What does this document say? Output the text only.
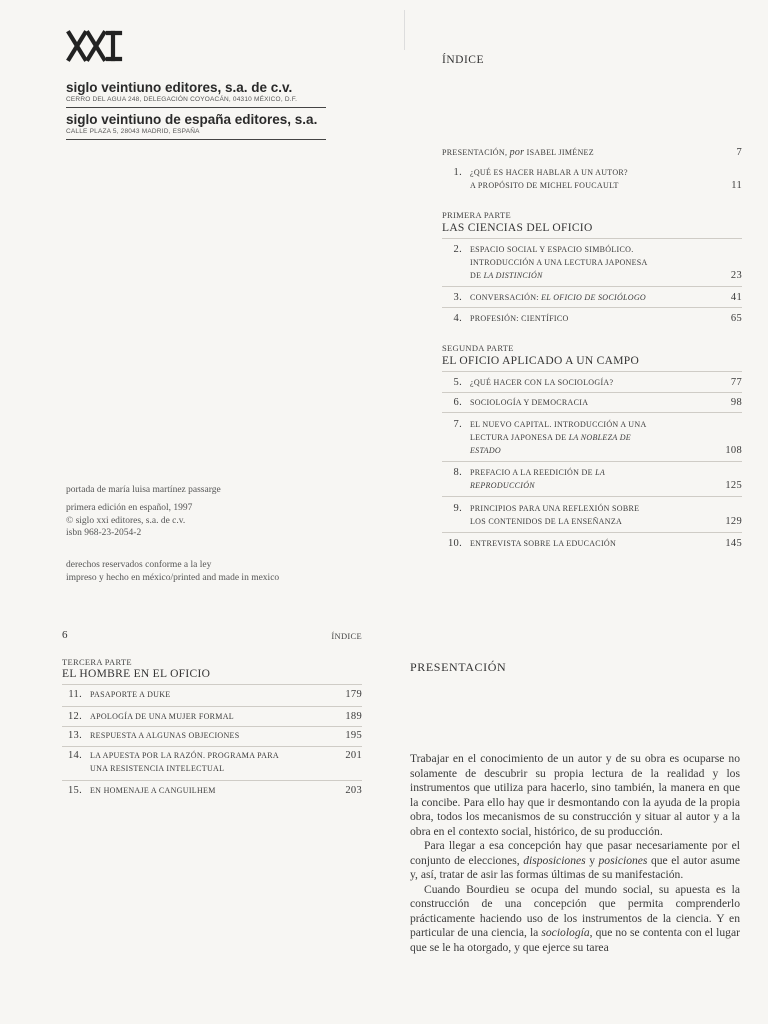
siglo veintiuno editores, s.a. de c.v.
CERRO DEL AGUA 248, DELEGACIÓN COYOACÁN, 04310 MÉXICO, D.F.
siglo veintiuno de españa editores, s.a.
CALLE PLAZA 5, 28043 MADRID, ESPAÑA
portada de maría luisa martínez passarge
primera edición en español, 1997
© siglo xxi editores, s.a. de c.v.
isbn 968-23-2054-2
derechos reservados conforme a la ley
impreso y hecho en méxico/printed and made in mexico
ÍNDICE
PRESENTACIÓN, por ISABEL JIMÉNEZ	7
1. ¿QUÉ ES HACER HABLAR A UN AUTOR?
A PROPÓSITO DE MICHEL FOUCAULT	11
PRIMERA PARTE
LAS CIENCIAS DEL OFICIO
2. ESPACIO SOCIAL Y ESPACIO SIMBÓLICO.
INTRODUCCIÓN A UNA LECTURA JAPONESA
DE LA DISTINCIÓN	23
3. CONVERSACIÓN: EL OFICIO DE SOCIÓLOGO	41
4. PROFESIÓN: CIENTÍFICO	65
SEGUNDA PARTE
EL OFICIO APLICADO A UN CAMPO
5. ¿QUÉ HACER CON LA SOCIOLOGÍA?	77
6. SOCIOLOGÍA Y DEMOCRACIA	98
7. EL NUEVO CAPITAL. INTRODUCCIÓN A UNA
LECTURA JAPONESA DE LA NOBLEZA DE
ESTADO	108
8. PREFACIO A LA REEDICIÓN DE LA
REPRODUCCIÓN	125
9. PRINCIPIOS PARA UNA REFLEXIÓN SOBRE
LOS CONTENIDOS DE LA ENSEÑANZA	129
10. ENTREVISTA SOBRE LA EDUCACIÓN	145
6	ÍNDICE
TERCERA PARTE
EL HOMBRE EN EL OFICIO
11. PASAPORTE A DUKE	179
12. APOLOGÍA DE UNA MUJER FORMAL	189
13. RESPUESTA A ALGUNAS OBJECIONES	195
14. LA APUESTA POR LA RAZÓN. PROGRAMA PARA
UNA RESISTENCIA INTELECTUAL
201
15. EN HOMENAJE A CANGUILHEM	203
PRESENTACIÓN

Trabajar en el conocimiento de un autor y de su obra es ocuparse no solamente de descubrir su propia lectura de la realidad y los instrumentos que utiliza para hacerlo, sino también, la manera en que la concibe. Para ello hay que ir desmontando con la ayuda de la propia obra, todos los mecanismos de su construcción y situar al autor y a la obra en el contexto social, histórico, de su producción.

Para llegar a esa concepción hay que pasar necesariamente por el conjunto de elecciones, disposiciones y posiciones que el autor asume y, así, tratar de asir las formas últimas de su manifestación.

Cuando Bourdieu se ocupa del mundo social, su apuesta es la construcción de una concepción que permita comprenderlo prácticamente haciendo uso de los instrumentos de la ciencia. Y en particular de una ciencia, la sociología, que no se contenta con el lugar que se le ha otorgado, y que ejerce su tarea
